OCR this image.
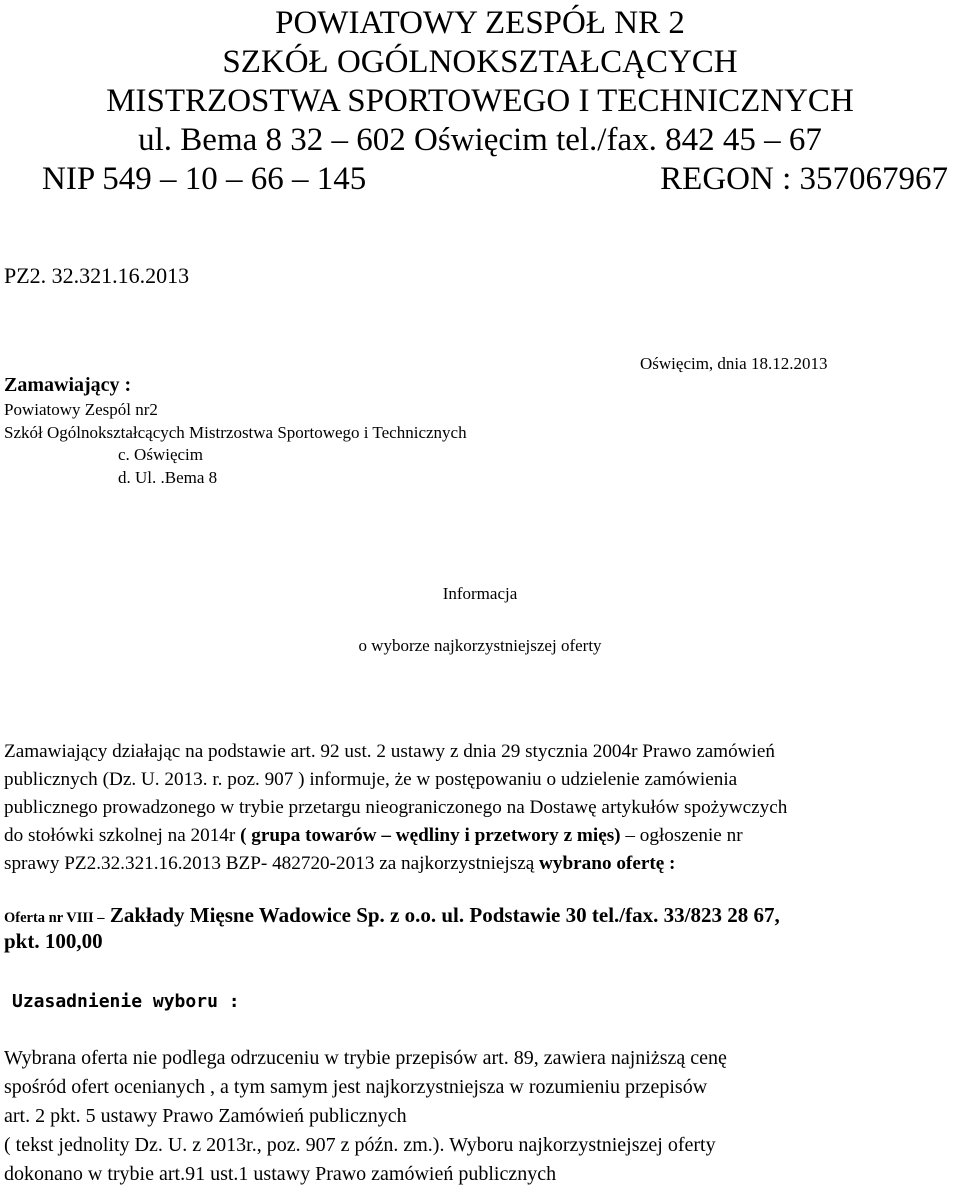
POWIATOWY ZESPÓŁ NR 2
SZKÓŁ OGÓLNOKSZTAŁCĄCYCH
MISTRZOSTWA SPORTOWEGO I TECHNICZNYCH
ul. Bema 8 32 – 602 Oświęcim tel./fax. 842 45 – 67
NIP 549 – 10 – 66 – 145	REGON : 357067967
PZ2. 32.321.16.2013
Oświęcim, dnia 18.12.2013
Zamawiający :
Powiatowy Zespól nr2
Szkół Ogólnokształcących Mistrzostwa Sportowego i Technicznych
c. Oświęcim
d. Ul. .Bema 8
Informacja
o wyborze najkorzystniejszej oferty
Zamawiający działając na podstawie art. 92 ust. 2 ustawy z dnia 29 stycznia 2004r Prawo zamówień
publicznych (Dz. U. 2013. r. poz. 907 ) informuje, że w postępowaniu o udzielenie zamówienia
publicznego prowadzonego w trybie przetargu nieograniczonego na Dostawę artykułów spożywczych
do stołówki szkolnej na 2014r ( grupa towarów – wędliny i przetwory z mięs) – ogłoszenie nr
sprawy PZ2.32.321.16.2013 BZP- 482720-2013 za najkorzystniejszą wybrano ofertę :
Oferta nr VIII – Zakłady Mięsne Wadowice Sp. z o.o. ul. Podstawie 30 tel./fax. 33/823 28 67,
pkt. 100,00
Uzasadnienie wyboru :
Wybrana oferta nie podlega odrzuceniu w trybie przepisów art. 89, zawiera najniższą cenę
spośród ofert ocenianych , a tym samym jest najkorzystniejsza w rozumieniu przepisów
art. 2 pkt. 5 ustawy Prawo Zamówień publicznych
( tekst jednolity Dz. U. z 2013r., poz. 907 z późn. zm.). Wyboru najkorzystniejszej oferty
dokonano w trybie art.91 ust.1 ustawy Prawo zamówień publicznych
